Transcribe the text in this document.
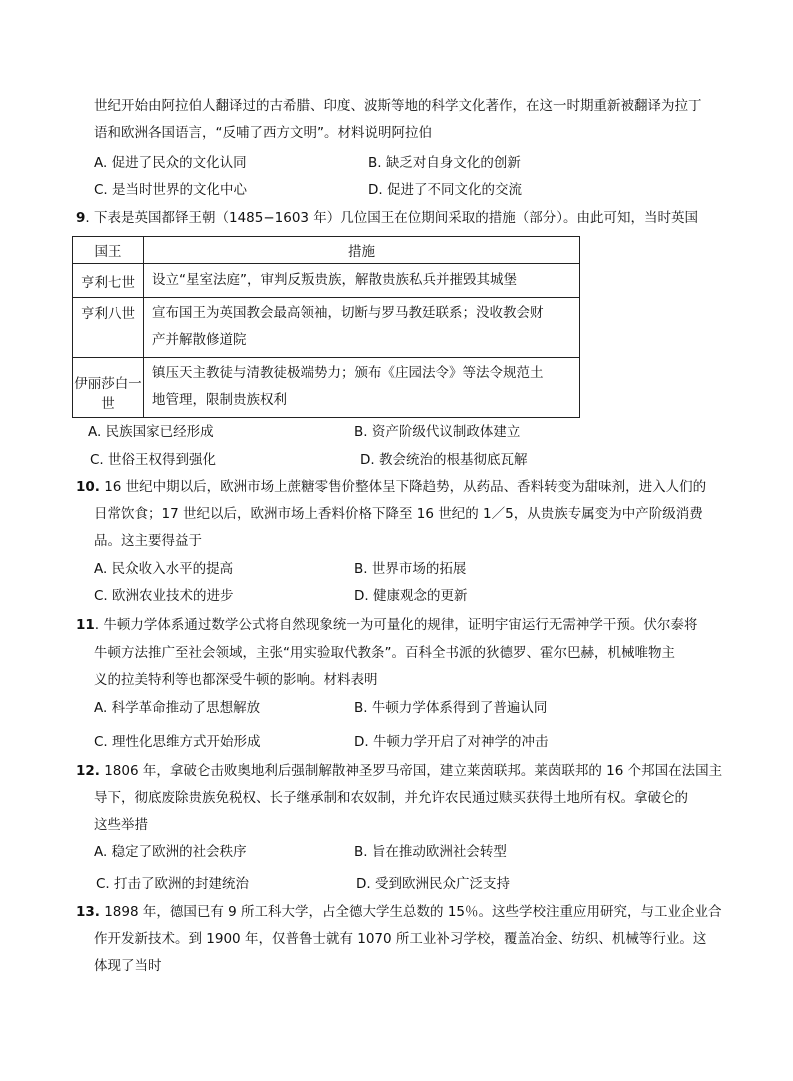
世纪开始由阿拉伯人翻译过的古希腊、印度、波斯等地的科学文化著作，在这一时期重新被翻译为拉丁
语和欧洲各国语言，“反哺了西方文明”。材料说明阿拉伯
A. 促进了民众的文化认同	B. 缺乏对自身文化的创新
C. 是当时世界的文化中心	D. 促进了不同文化的交流
9. 下表是英国都铎王朝（1485−1603 年）几位国王在位期间采取的措施（部分）。由此可知，当时英国
国王	措施
亨利七世	设立“星室法庭”，审判反叛贵族，解散贵族私兵并摧毁其城堡

亨利八世	宣布国王为英国教会最高领袖，切断与罗马教廷联系；没收教会财
产并解散修道院

伊丽莎白一世	镇压天主教徒与清教徒极端势力；颁布《庄园法令》等法令规范土
地管理，限制贵族权利
A. 民族国家已经形成	B. 资产阶级代议制政体建立
C. 世俗王权得到强化	D. 教会统治的根基彻底瓦解
10. 16 世纪中期以后，欧洲市场上蔗糖零售价整体呈下降趋势，从药品、香料转变为甜味剂，进入人们的
日常饮食；17 世纪以后，欧洲市场上香料价格下降至 16 世纪的 1／5，从贵族专属变为中产阶级消费
品。这主要得益于
A. 民众收入水平的提高	B. 世界市场的拓展
C. 欧洲农业技术的进步	D. 健康观念的更新
11. 牛顿力学体系通过数学公式将自然现象统一为可量化的规律，证明宇宙运行无需神学干预。伏尔泰将
牛顿方法推广至社会领域，主张“用实验取代教条”。百科全书派的狄德罗、霍尔巴赫，机械唯物主
义的拉美特利等也都深受牛顿的影响。材料表明
A. 科学革命推动了思想解放	B. 牛顿力学体系得到了普遍认同
C. 理性化思维方式开始形成	D. 牛顿力学开启了对神学的冲击
12. 1806 年，拿破仑击败奥地利后强制解散神圣罗马帝国，建立莱茵联邦。莱茵联邦的 16 个邦国在法国主
导下，彻底废除贵族免税权、长子继承制和农奴制，并允许农民通过赎买获得土地所有权。拿破仑的
这些举措
A. 稳定了欧洲的社会秩序	B. 旨在推动欧洲社会转型
C. 打击了欧洲的封建统治	D. 受到欧洲民众广泛支持
13. 1898 年，德国已有 9 所工科大学，占全德大学生总数的 15％。这些学校注重应用研究，与工业企业合
作开发新技术。到 1900 年，仅普鲁士就有 1070 所工业补习学校，覆盖冶金、纺织、机械等行业。这
体现了当时
